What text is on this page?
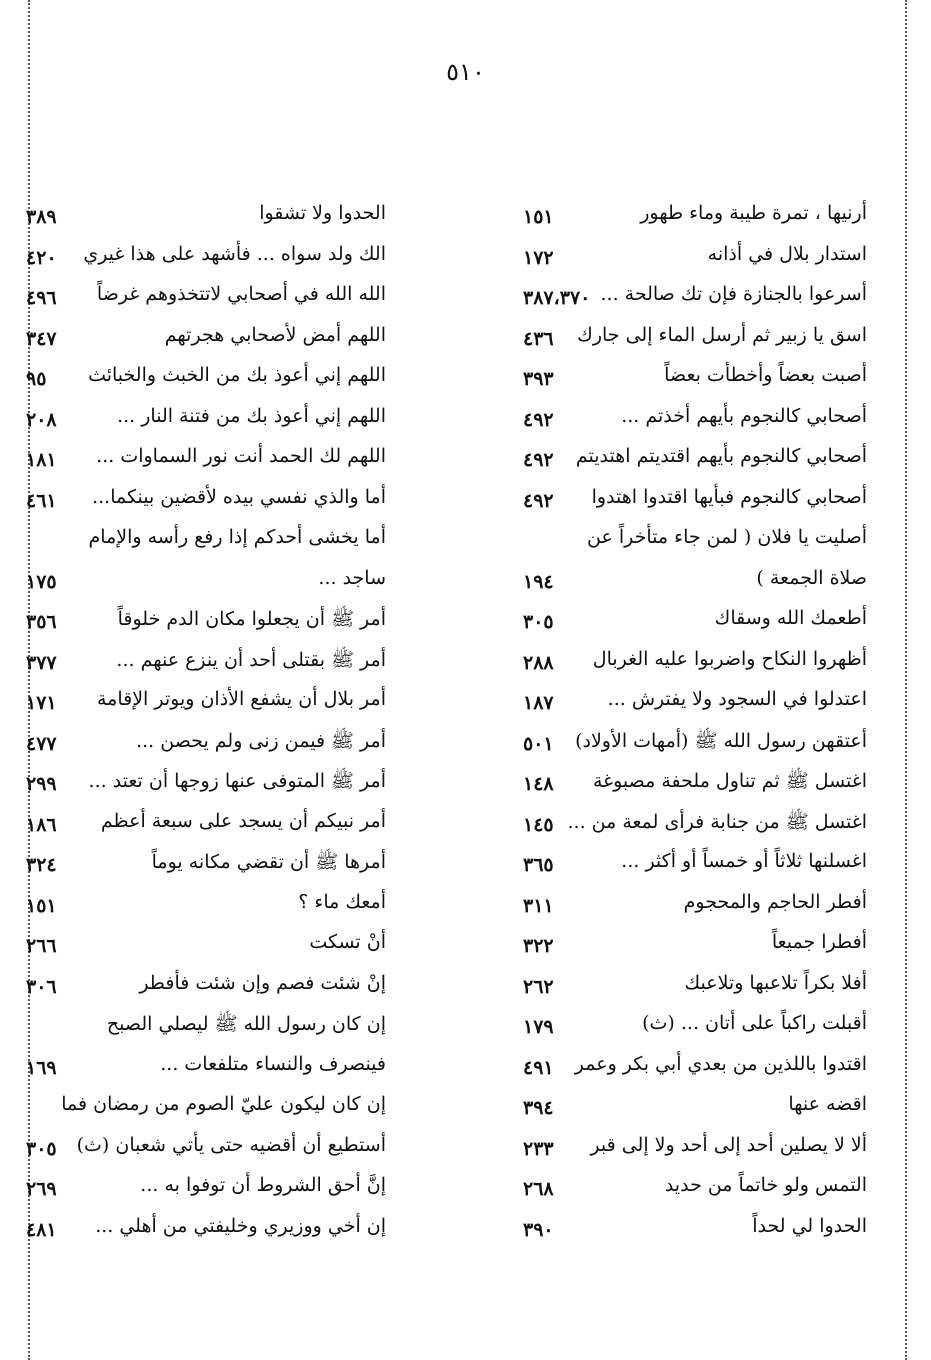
٥١٠
أرنيها ، تمرة طيبة وماء طهور
١٥١
استدار بلال في أذانه
١٧٢
أسرعوا بالجنازة فإن تك صالحة ...
٣٨٧،٣٧٠
اسق يا زبير ثم أرسل الماء إلى جارك
٤٣٦
أصبت بعضاً وأخطأت بعضاً
٣٩٣
أصحابي كالنجوم بأيهم أخذتم ...
٤٩٢
أصحابي كالنجوم بأيهم اقتديتم اهتديتم
٤٩٢
أصحابي كالنجوم فبأيها اقتدوا اهتدوا
٤٩٢
أصليت يا فلان ( لمن جاء متأخراً عن
صلاة الجمعة )
١٩٤
أطعمك الله وسقاك
٣٠٥
أظهروا النكاح واضربوا عليه الغربال
٢٨٨
اعتدلوا في السجود ولا يفترش ...
١٨٧
أعتقهن رسول الله ﷺ (أمهات الأولاد)
٥٠١
اغتسل ﷺ ثم تناول ملحفة مصبوغة
١٤٨
اغتسل ﷺ من جنابة فرأى لمعة من ...
١٤٥
اغسلنها ثلاثاً أو خمساً أو أكثر ...
٣٦٥
أفطر الحاجم والمحجوم
٣١١
أفطرا جميعاً
٣٢٢
أفلا بكراً تلاعبها وتلاعبك
٢٦٢
أقبلت راكباً على أتان ... (ث)
١٧٩
اقتدوا باللذين من بعدي أبي بكر وعمر
٤٩١
اقضه عنها
٣٩٤
ألا لا يصلين أحد إلى أحد ولا إلى قبر
٢٣٣
التمس ولو خاتماً من حديد
٢٦٨
الحدوا لي لحداً
٣٩٠
الحدوا ولا تشقوا
٣٨٩
الك ولد سواه ... فأشهد على هذا غيري
٤٢٠
الله الله في أصحابي لاتتخذوهم غرضاً
٤٩٦
اللهم أمض لأصحابي هجرتهم
٣٤٧
اللهم إني أعوذ بك من الخبث والخبائث
٩٥
اللهم إني أعوذ بك من فتنة النار ...
٢٠٨
اللهم لك الحمد أنت نور السماوات ...
١٨١
أما والذي نفسي بيده لأقضين بينكما...
٤٦١
أما يخشى أحدكم إذا رفع رأسه والإمام
ساجد ...
١٧٥
أمر ﷺ أن يجعلوا مكان الدم خلوقاً
٣٥٦
أمر ﷺ بقتلى أحد أن ينزع عنهم ...
٣٧٧
أمر بلال أن يشفع الأذان ويوتر الإقامة
١٧١
أمر ﷺ فيمن زنى ولم يحصن ...
٤٧٧
أمر ﷺ المتوفى عنها زوجها أن تعتد ...
٢٩٩
أمر نبيكم أن يسجد على سبعة أعظم
١٨٦
أمرها ﷺ أن تقضي مكانه يوماً
٣٢٤
أمعك ماء ؟
١٥١
أنْ تسكت
٢٦٦
إنْ شئت فصم وإن شئت فأفطر
٣٠٦
إن كان رسول الله ﷺ ليصلي الصبح
فينصرف والنساء متلفعات ...
١٦٩
إن كان ليكون عليّ الصوم من رمضان فما
أستطيع أن أقضيه حتى يأتي شعبان (ث)
٣٠٥
إنَّ أحق الشروط أن توفوا به ...
٢٦٩
إن أخي ووزيري وخليفتي من أهلي ...
٤٨١
